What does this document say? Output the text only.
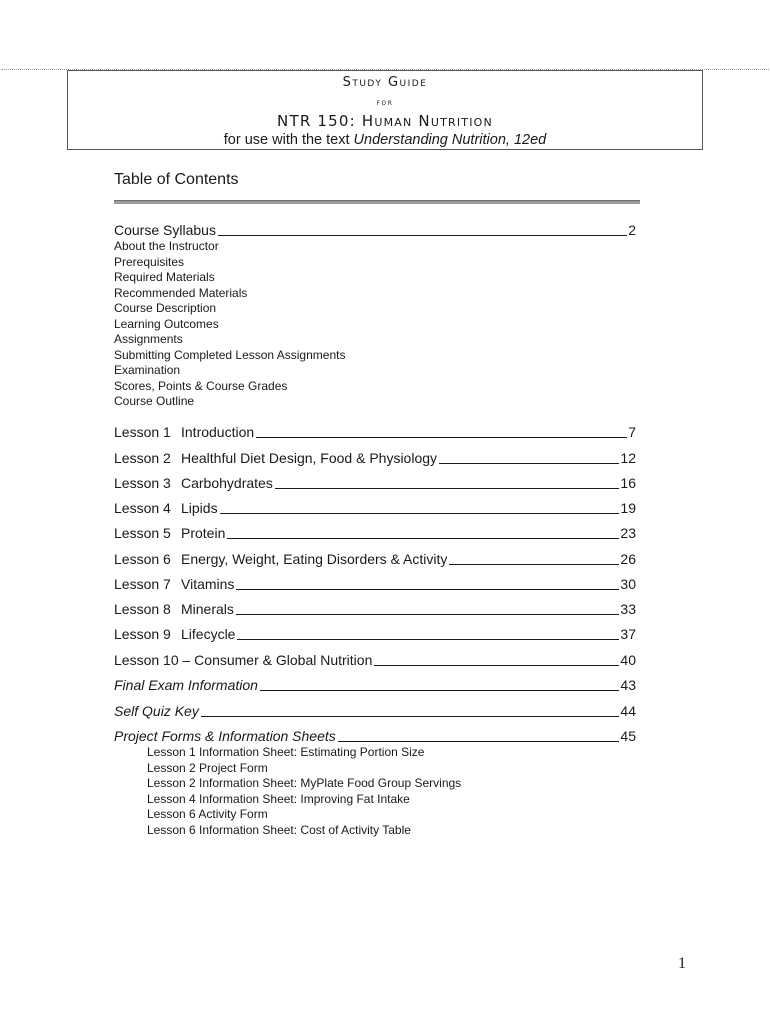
Study Guide
for
NTR 150: Human Nutrition
for use with the text Understanding Nutrition, 12ed
Table of Contents
Course Syllabus	2
About the Instructor
Prerequisites
Required Materials
Recommended Materials
Course Description
Learning Outcomes
Assignments
Submitting Completed Lesson Assignments
Examination
Scores, Points & Course Grades
Course Outline
Lesson 1 Introduction	7
Lesson 2 Healthful Diet Design, Food & Physiology	12
Lesson 3 Carbohydrates	16
Lesson 4 Lipids	19
Lesson 5 Protein	23
Lesson 6 Energy, Weight, Eating Disorders & Activity	26
Lesson 7 Vitamins	30
Lesson 8 Minerals	33
Lesson 9 Lifecycle	37
Lesson 10 – Consumer & Global Nutrition	40
Final Exam Information	43
Self Quiz Key	44
Project Forms & Information Sheets	45
Lesson 1 Information Sheet: Estimating Portion Size
Lesson 2 Project Form
Lesson 2 Information Sheet: MyPlate Food Group Servings
Lesson 4 Information Sheet: Improving Fat Intake
Lesson 6 Activity Form
Lesson 6 Information Sheet: Cost of Activity Table
1
